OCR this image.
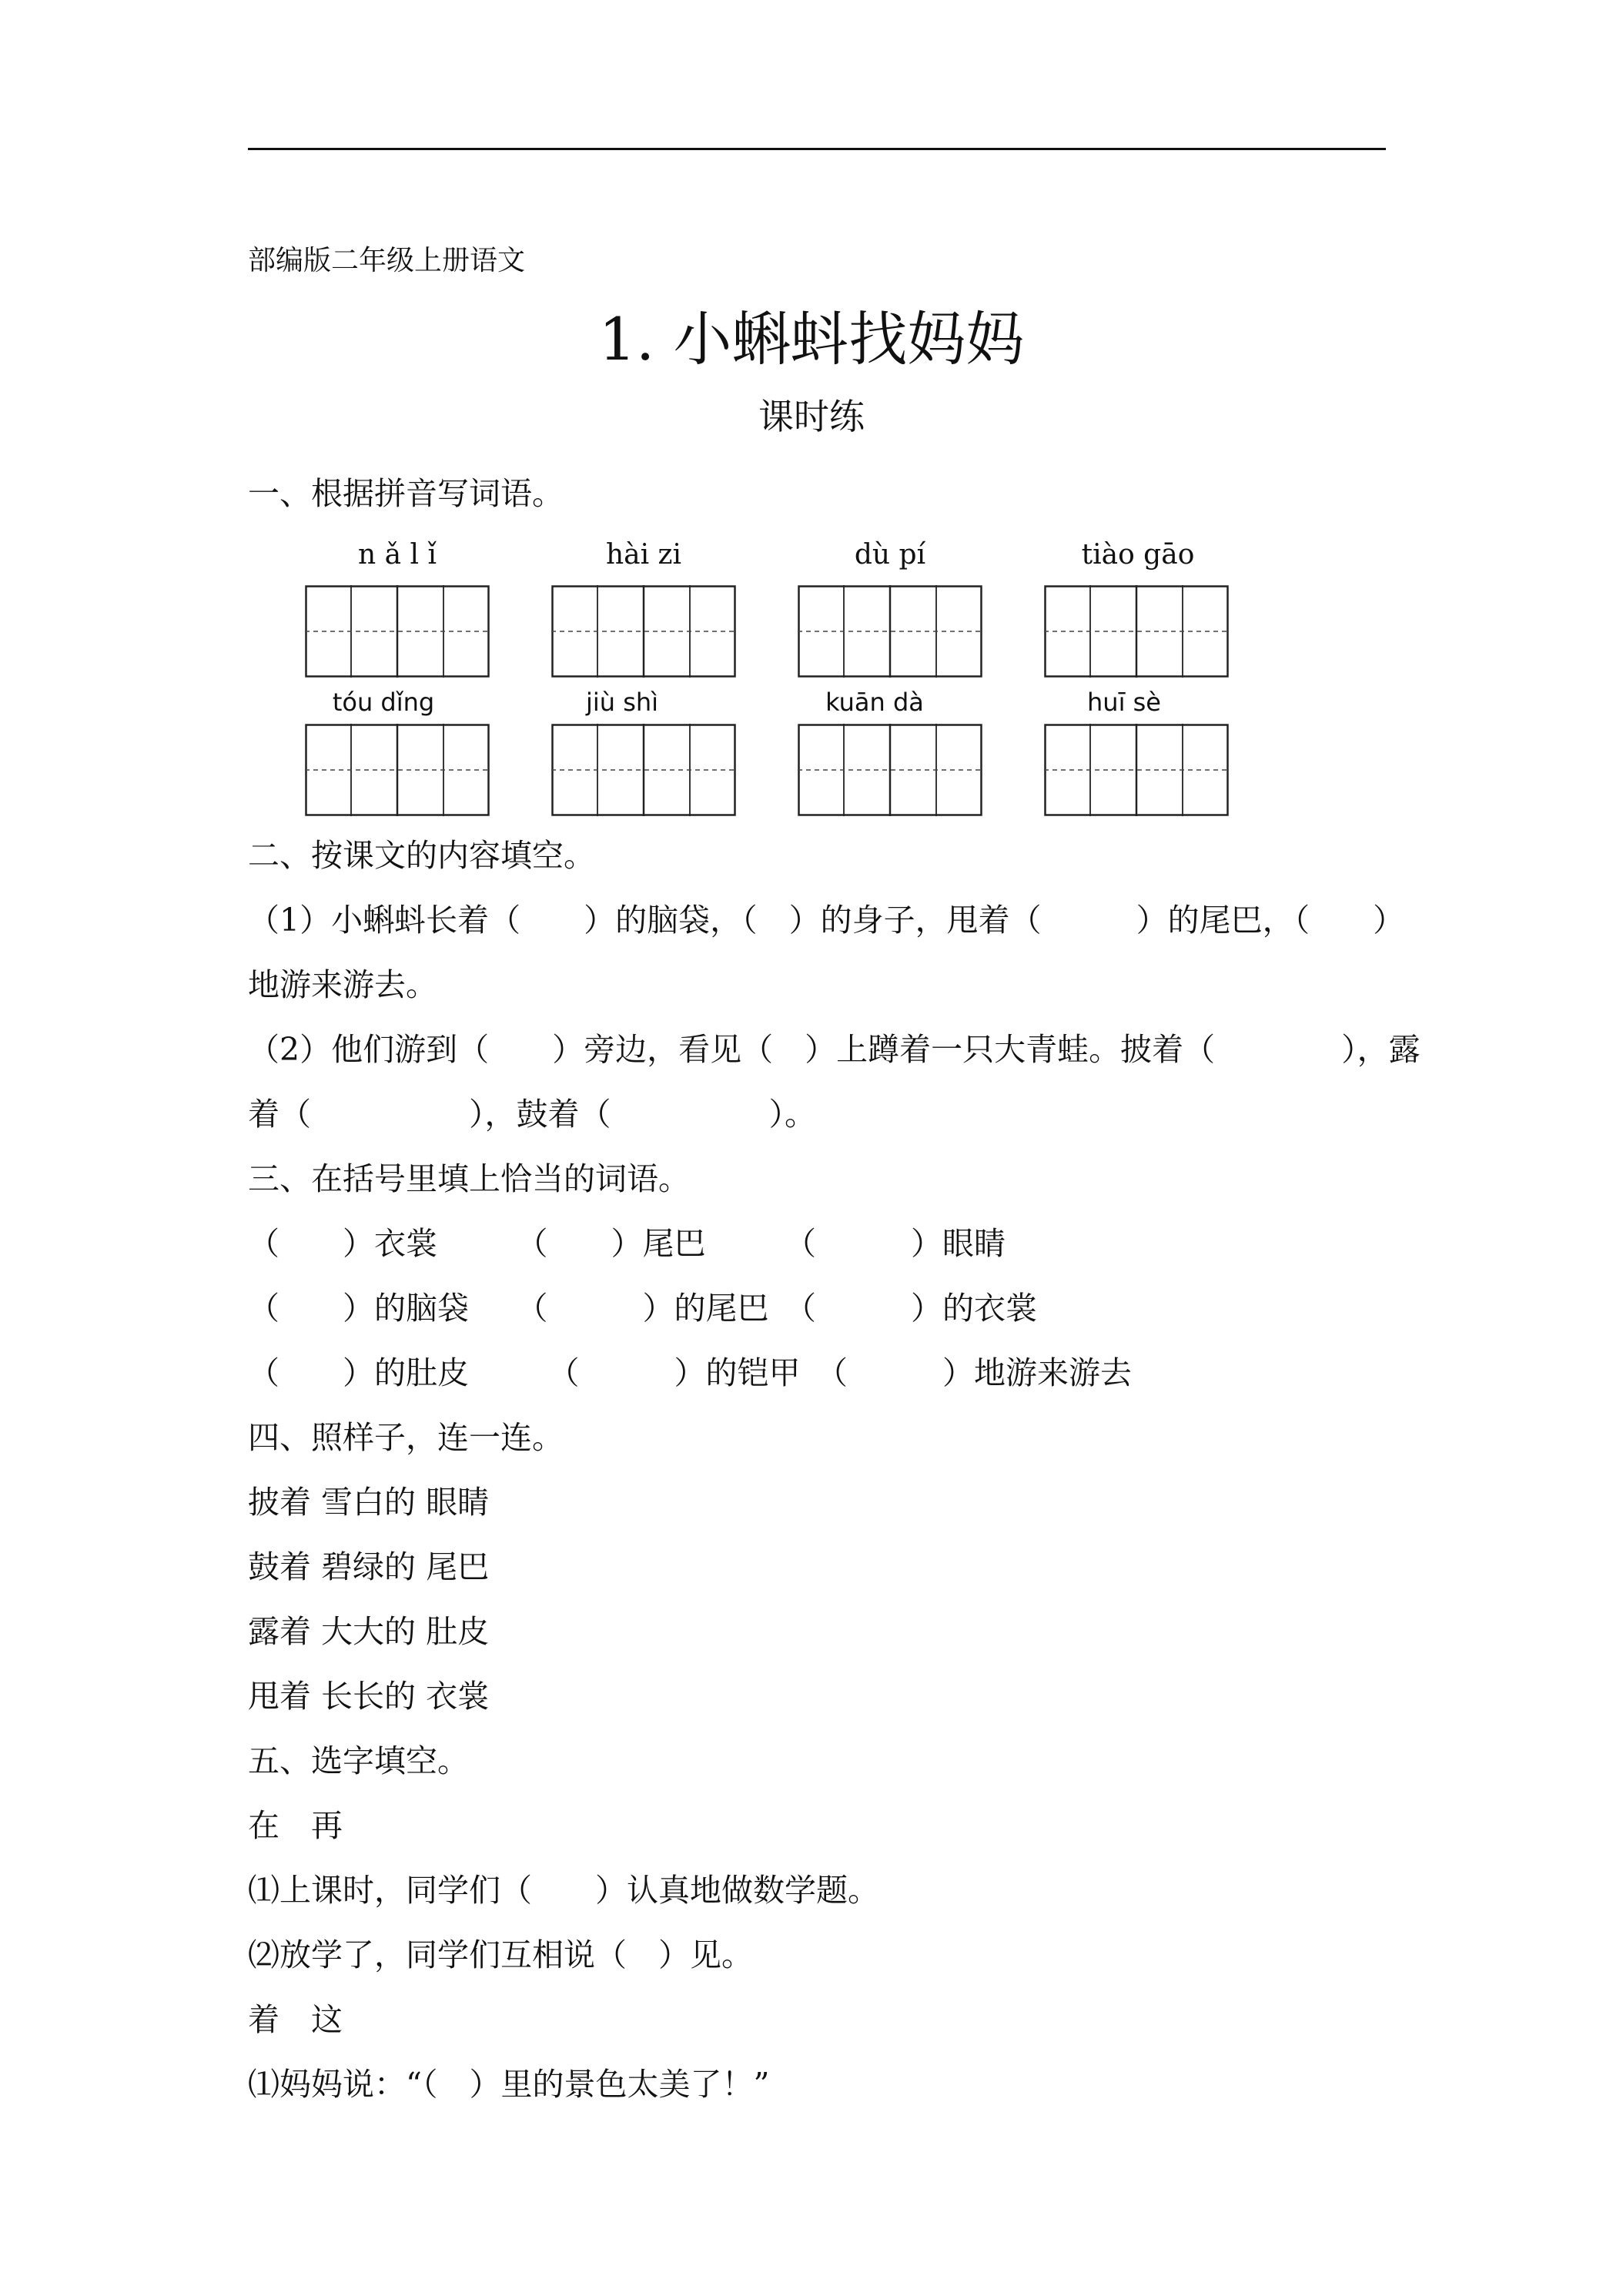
部编版二年级上册语文
1. 小蝌蚪找妈妈
课时练
一、根据拼音写词语。
n ǎ l ǐ	hài zi	dù pí	tiào gāo
tóu dǐng	jiù shì	kuān dà	huī sè
二、按课文的内容填空。
（1）小蝌蚪长着（　　）的脑袋，（　）的身子，甩着（　　　）的尾巴，（　　）
地游来游去。
（2）他们游到（　　）旁边，看见（　）上蹲着一只大青蛙。披着（　　　　），露
着（　　　　　），鼓着（　　　　　）。
三、在括号里填上恰当的词语。
（　　）衣裳　　　（　　）尾巴　　　（　　　）眼睛
（　　）的脑袋　　（　　　）的尾巴　（　　　）的衣裳
（　　）的肚皮　　　（　　　）的铠甲　（　　　）地游来游去
四、照样子，连一连。
披着 雪白的 眼睛
鼓着 碧绿的 尾巴
露着 大大的 肚皮
甩着 长长的 衣裳
五、选字填空。
在　再
⑴上课时，同学们（　　）认真地做数学题。
⑵放学了，同学们互相说（　）见。
着　这
⑴妈妈说：“（　）里的景色太美了！”
